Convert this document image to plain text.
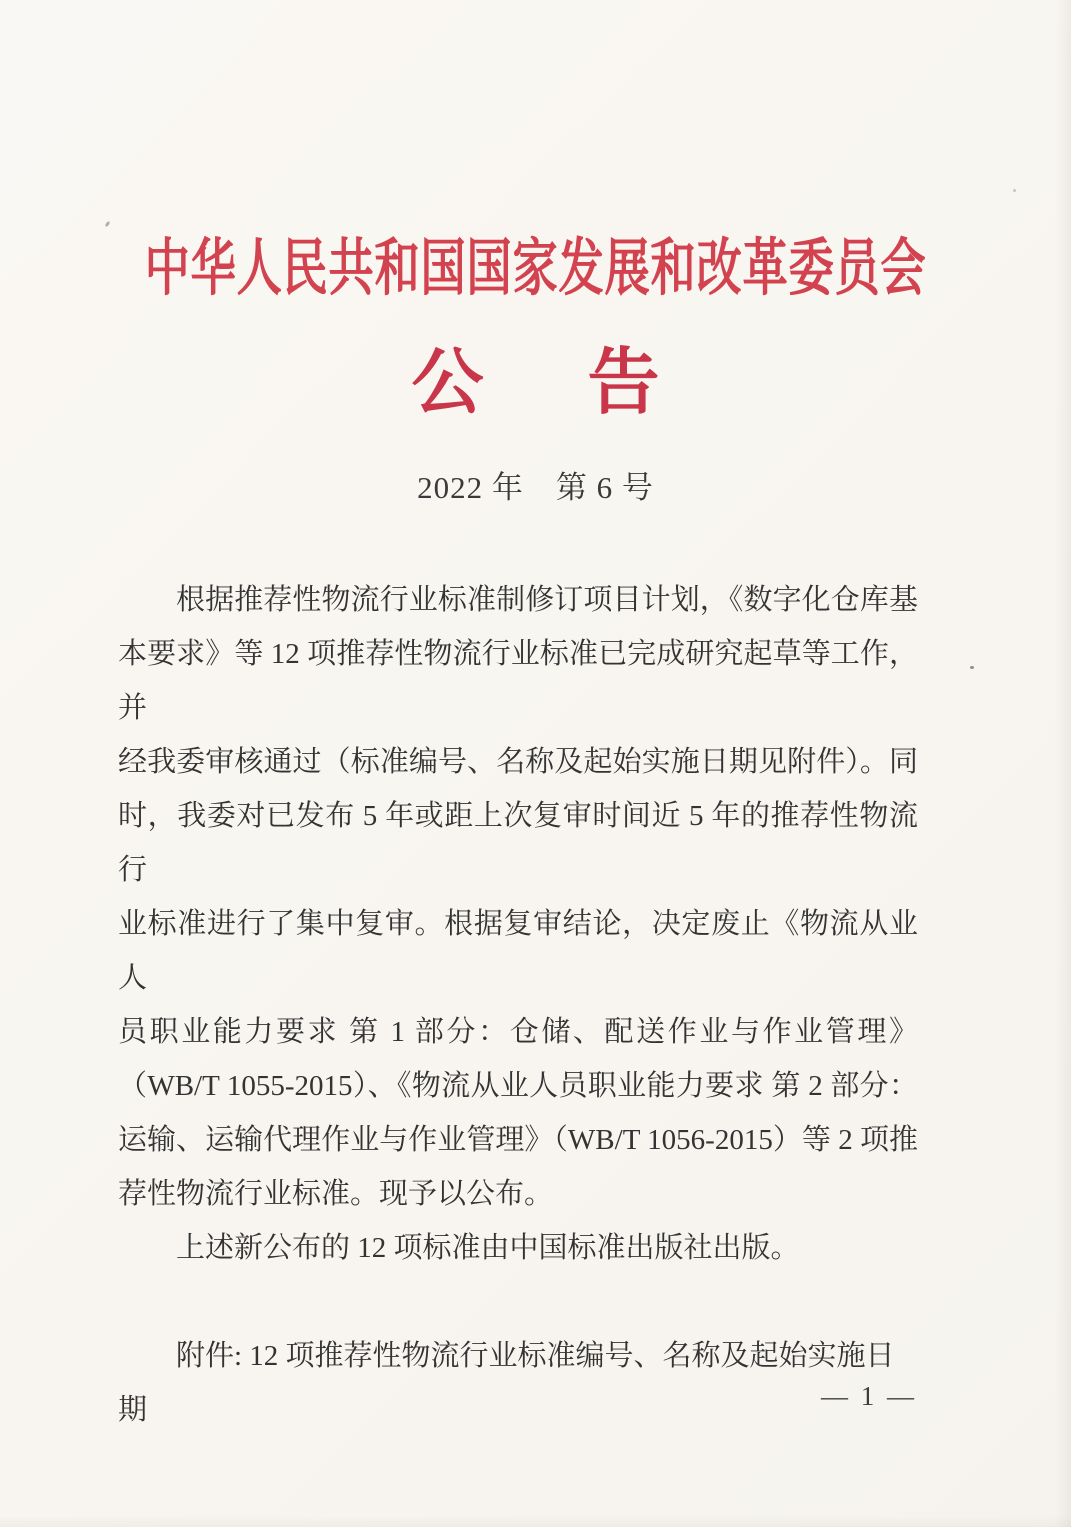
中华人民共和国国家发展和改革委员会
公 告
2022 年　第 6 号
根据推荐性物流行业标准制修订项目计划，《数字化仓库基
本要求》等 12 项推荐性物流行业标准已完成研究起草等工作，并
经我委审核通过（标准编号、名称及起始实施日期见附件）。同
时，我委对已发布 5 年或距上次复审时间近 5 年的推荐性物流行
业标准进行了集中复审。根据复审结论，决定废止《物流从业人
员职业能力要求 第 1 部分：仓储、配送作业与作业管理》
（WB/T 1055-2015）、《物流从业人员职业能力要求 第 2 部分：
运输、运输代理作业与作业管理》（WB/T 1056-2015）等 2 项推
荐性物流行业标准。现予以公布。
上述新公布的 12 项标准由中国标准出版社出版。
附件: 12 项推荐性物流行业标准编号、名称及起始实施日期	— 1 —
